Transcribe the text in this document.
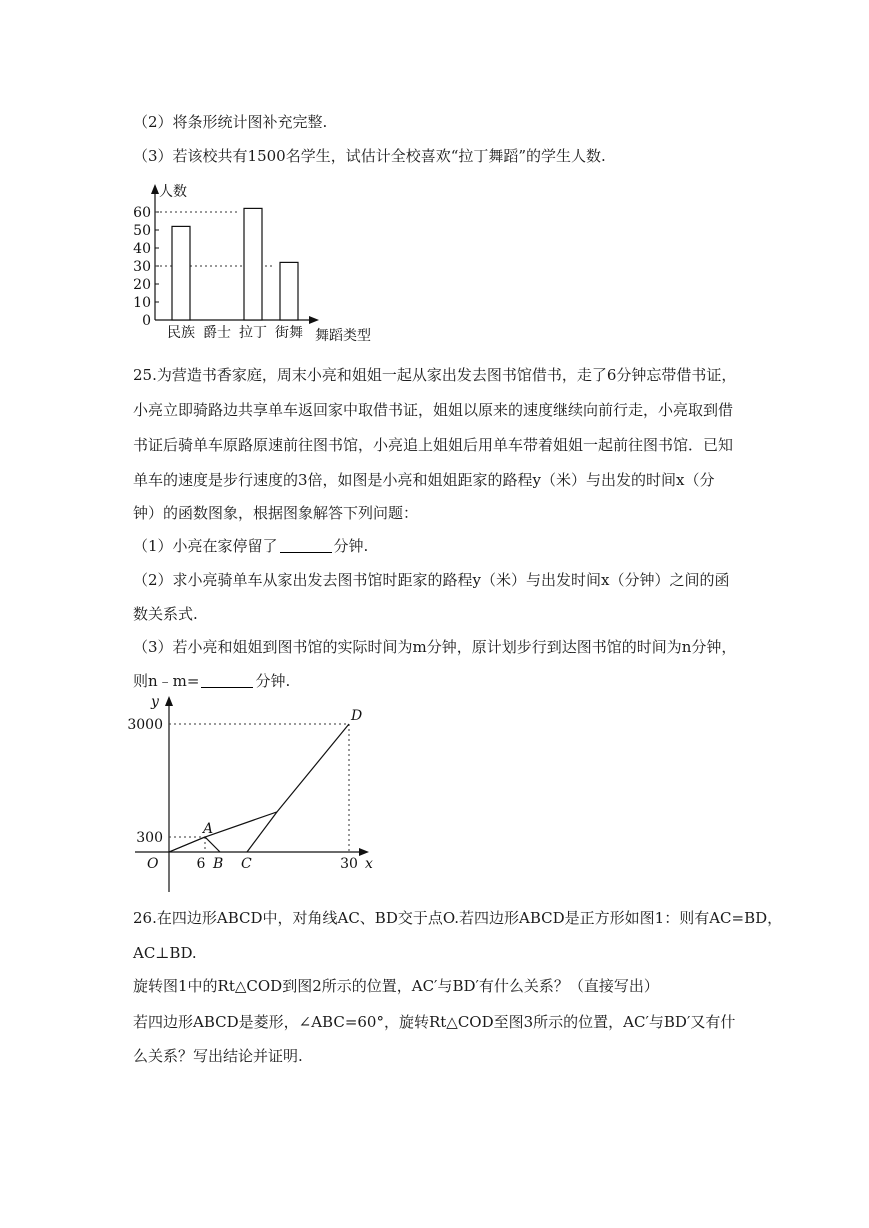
（2）将条形统计图补充完整.
（3）若该校共有1500名学生，试估计全校喜欢“拉丁舞蹈”的学生人数.
人数
舞蹈类型
0
10
20
30
40
50
60
民族 爵士 拉丁 街舞
25.为营造书香家庭，周末小亮和姐姐一起从家出发去图书馆借书，走了6分钟忘带借书证，
小亮立即骑路边共享单车返回家中取借书证，姐姐以原来的速度继续向前行走，小亮取到借
书证后骑单车原路原速前往图书馆，小亮追上姐姐后用单车带着姐姐一起前往图书馆．已知
单车的速度是步行速度的3倍，如图是小亮和姐姐距家的路程y（米）与出发的时间x（分
钟）的函数图象，根据图象解答下列问题：
（1）小亮在家停留了	分钟.
（2）求小亮骑单车从家出发去图书馆时距家的路程y（米）与出发时间x（分钟）之间的函
数关系式.
（3）若小亮和姐姐到图书馆的实际时间为m分钟，原计划步行到达图书馆的时间为n分钟，
则n﹣m=	分钟.
y
x
O
3000
300
6	30
A
B C
D
26.在四边形ABCD中，对角线AC、BD交于点O.若四边形ABCD是正方形如图1：则有AC=BD，
AC⊥BD.
旋转图1中的Rt△COD到图2所示的位置，AC′与BD′有什么关系？（直接写出）
若四边形ABCD是菱形，∠ABC=60°，旋转Rt△COD至图3所示的位置，AC′与BD′又有什
么关系？写出结论并证明.
